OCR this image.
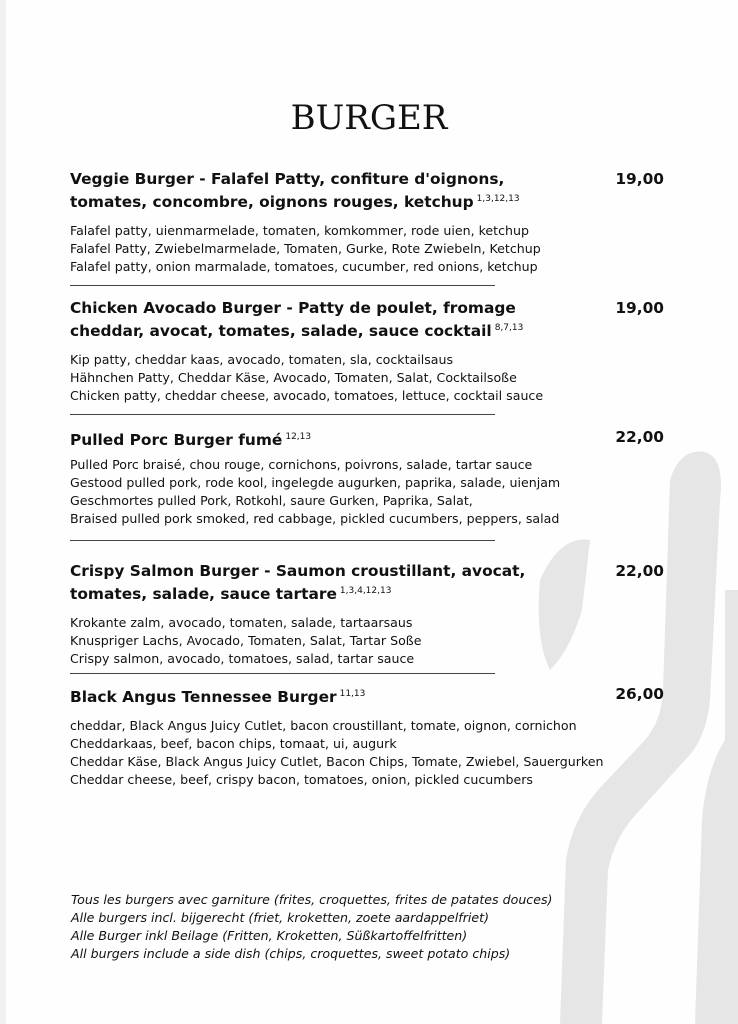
BURGER
Veggie Burger - Falafel Patty, confiture d'oignons, tomates, concombre, oignons rouges, ketchup $^{1,3,12,13}$
19,00
Falafel patty, uienmarmelade, tomaten, komkommer, rode uien, ketchup
Falafel Patty, Zwiebelmarmelade, Tomaten, Gurke, Rote Zwiebeln, Ketchup
Falafel patty, onion marmalade, tomatoes, cucumber, red onions, ketchup
Chicken Avocado Burger - Patty de poulet, fromage cheddar, avocat, tomates, salade, sauce cocktail $^{8,7,13}$
19,00
Kip patty, cheddar kaas, avocado, tomaten, sla, cocktailsaus
Hähnchen Patty, Cheddar Käse, Avocado, Tomaten, Salat, Cocktailsoße
Chicken patty, cheddar cheese, avocado, tomatoes, lettuce, cocktail sauce
Pulled Porc Burger fumé $^{12,13}$	22,00
Pulled Porc braisé, chou rouge, cornichons, poivrons, salade, tartar sauce
Gestood pulled pork, rode kool, ingelegde augurken, paprika, salade, uienjam
Geschmortes pulled Pork, Rotkohl, saure Gurken, Paprika, Salat,
Braised pulled pork smoked, red cabbage, pickled cucumbers, peppers, salad
Crispy Salmon Burger - Saumon croustillant, avocat, tomates, salade, sauce tartare $^{1,3,4,12,13}$
22,00
Krokante zalm, avocado, tomaten, salade, tartaarsaus
Knuspriger Lachs, Avocado, Tomaten, Salat, Tartar Soße
Crispy salmon, avocado, tomatoes, salad, tartar sauce
Black Angus Tennessee Burger $^{11,13}$	26,00
cheddar, Black Angus Juicy Cutlet, bacon croustillant, tomate, oignon, cornichon
Cheddarkaas, beef, bacon chips, tomaat, ui, augurk
Cheddar Käse, Black Angus Juicy Cutlet, Bacon Chips, Tomate, Zwiebel, Sauergurken
Cheddar cheese, beef, crispy bacon, tomatoes, onion, pickled cucumbers
Tous les burgers avec garniture (frites, croquettes, frites de patates douces)
Alle burgers incl. bijgerecht (friet, kroketten, zoete aardappelfriet)
Alle Burger inkl Beilage (Fritten, Kroketten, Süßkartoffelfritten)
All burgers include a side dish (chips, croquettes, sweet potato chips)
